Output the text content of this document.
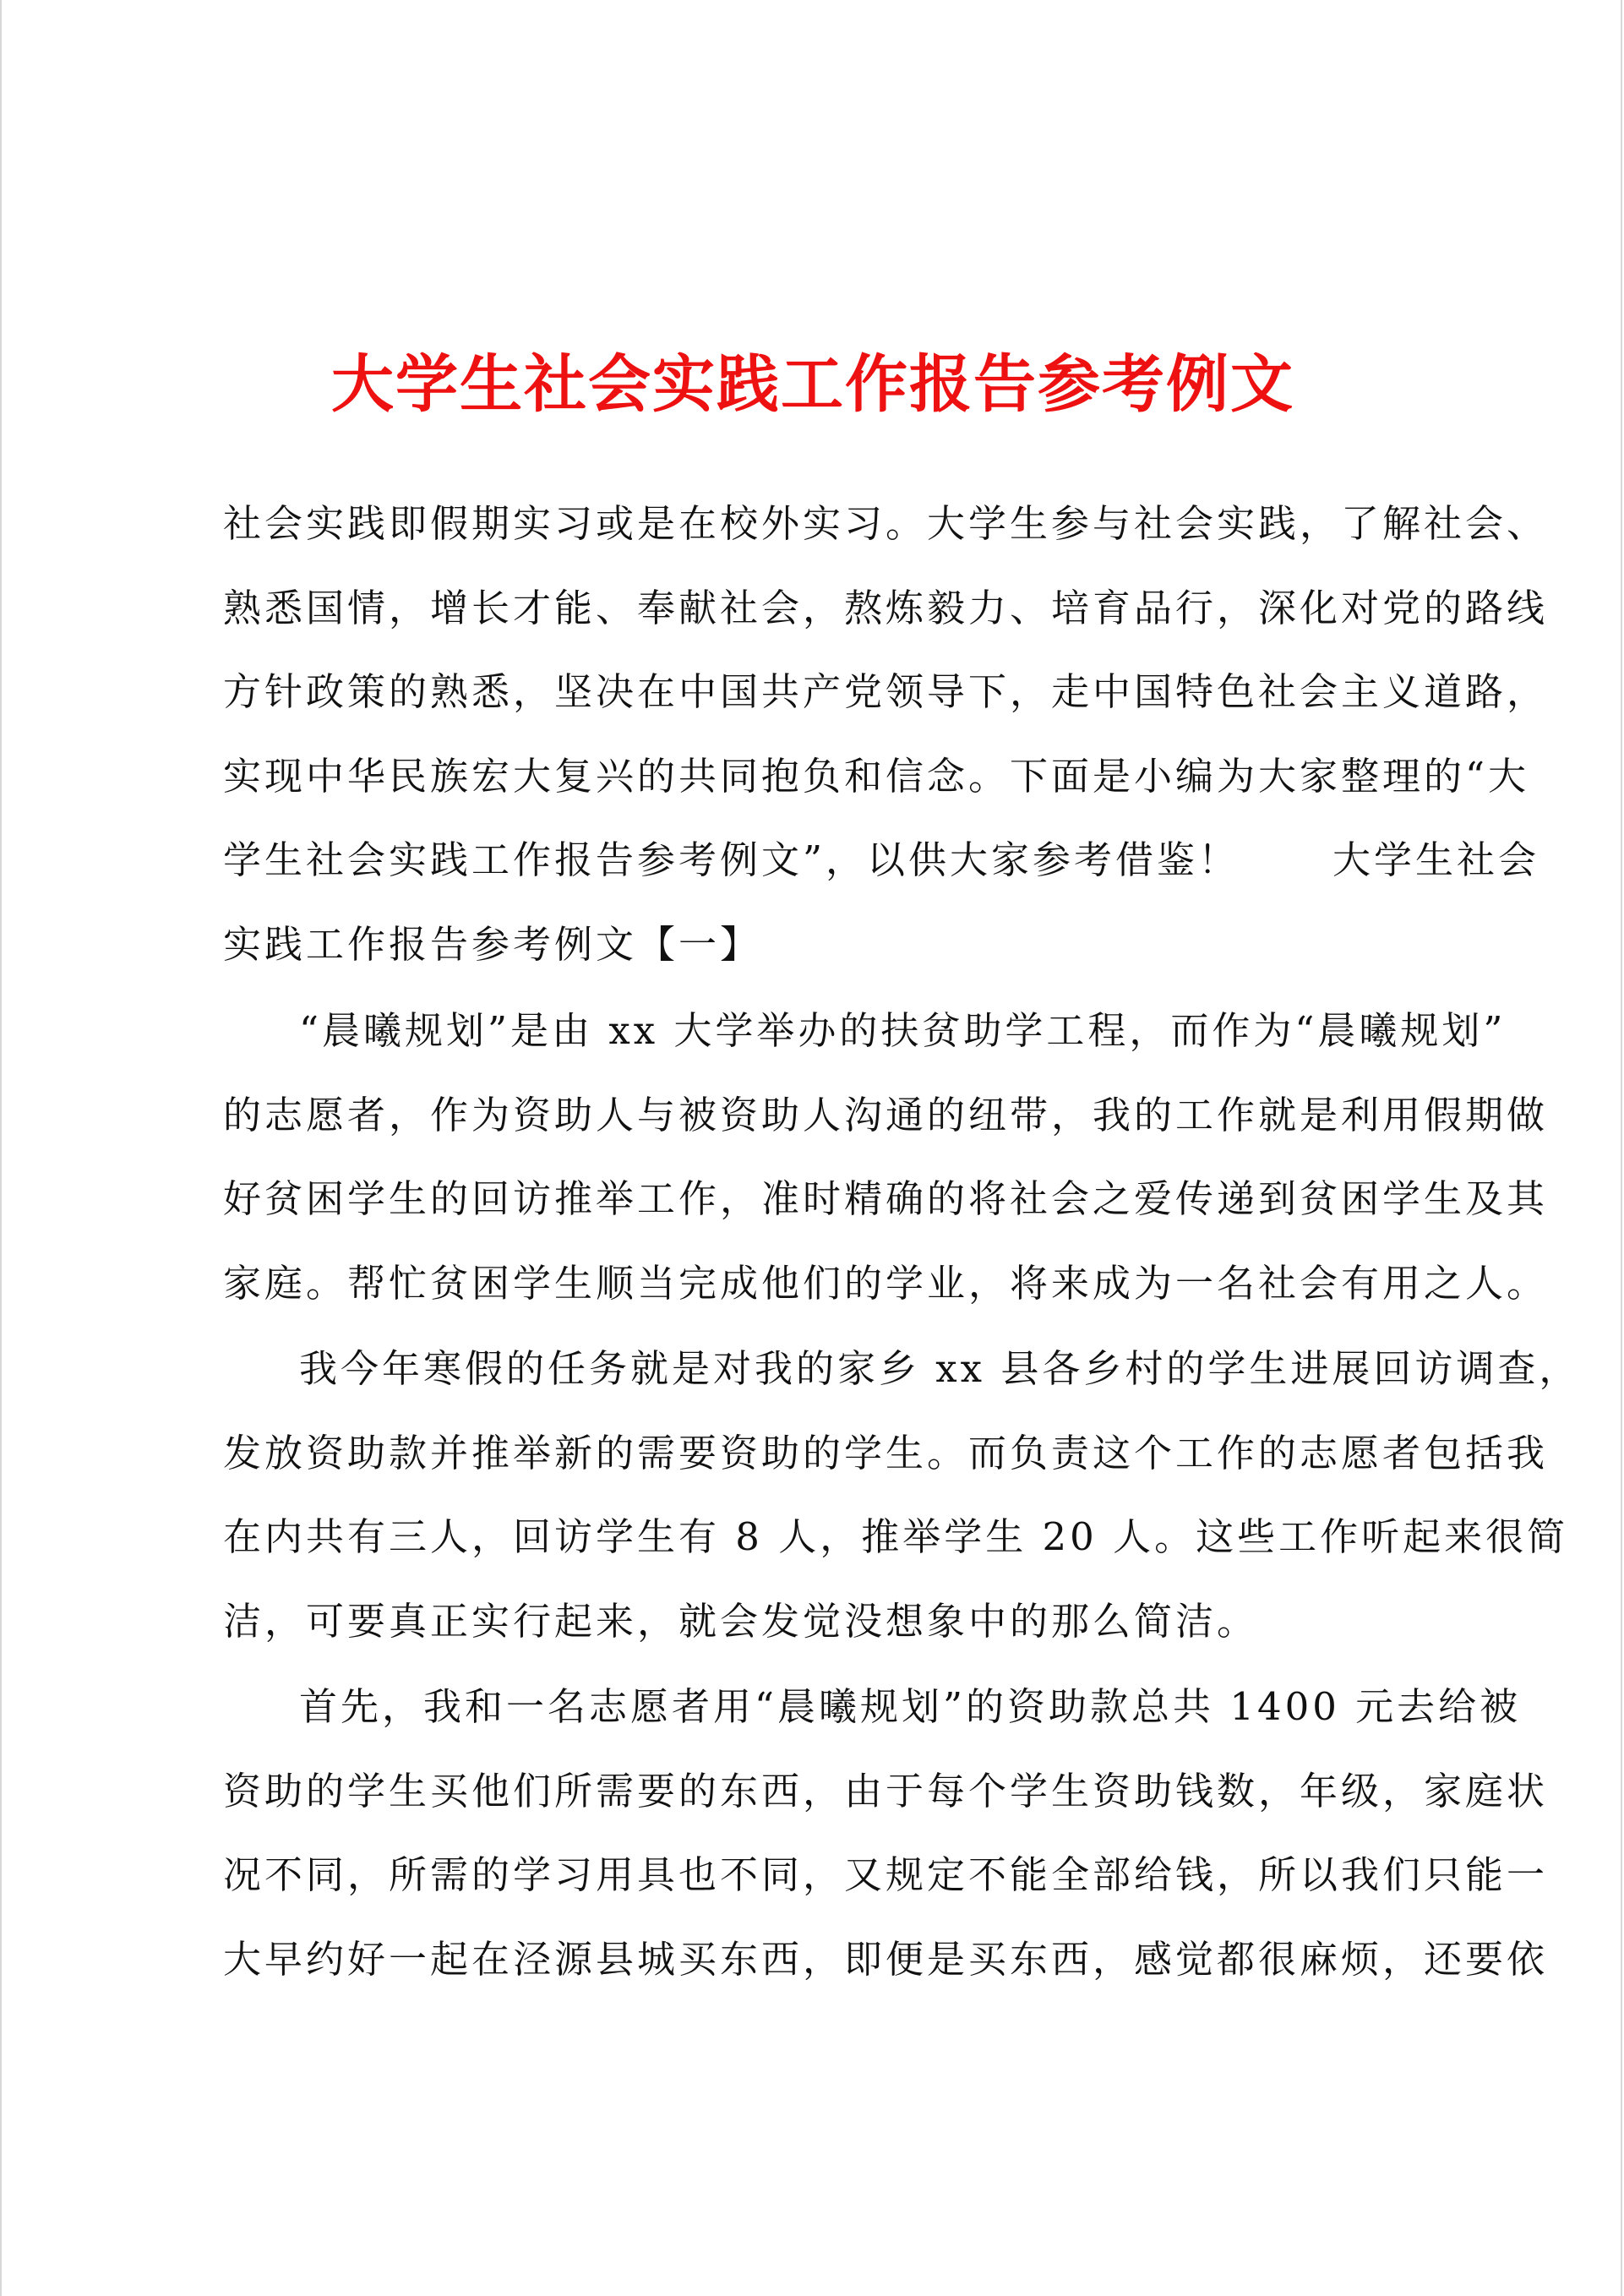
大学生社会实践工作报告参考例文
社会实践即假期实习或是在校外实习。大学生参与社会实践，了解社会、
熟悉国情，增长才能、奉献社会，熬炼毅力、培育品行，深化对党的路线
方针政策的熟悉，坚决在中国共产党领导下，走中国特色社会主义道路，
实现中华民族宏大复兴的共同抱负和信念。下面是小编为大家整理的“大
学生社会实践工作报告参考例文”，以供大家参考借鉴！ 大学生社会
实践工作报告参考例文【一】
“晨曦规划”是由 xx 大学举办的扶贫助学工程，而作为“晨曦规划”
的志愿者，作为资助人与被资助人沟通的纽带，我的工作就是利用假期做
好贫困学生的回访推举工作，准时精确的将社会之爱传递到贫困学生及其
家庭。帮忙贫困学生顺当完成他们的学业，将来成为一名社会有用之人。
我今年寒假的任务就是对我的家乡 xx 县各乡村的学生进展回访调查，
发放资助款并推举新的需要资助的学生。而负责这个工作的志愿者包括我
在内共有三人，回访学生有 8 人，推举学生 20 人。这些工作听起来很简
洁，可要真正实行起来，就会发觉没想象中的那么简洁。
首先，我和一名志愿者用“晨曦规划”的资助款总共 1400 元去给被
资助的学生买他们所需要的东西，由于每个学生资助钱数，年级，家庭状
况不同，所需的学习用具也不同，又规定不能全部给钱，所以我们只能一
大早约好一起在泾源县城买东西，即便是买东西，感觉都很麻烦，还要依
